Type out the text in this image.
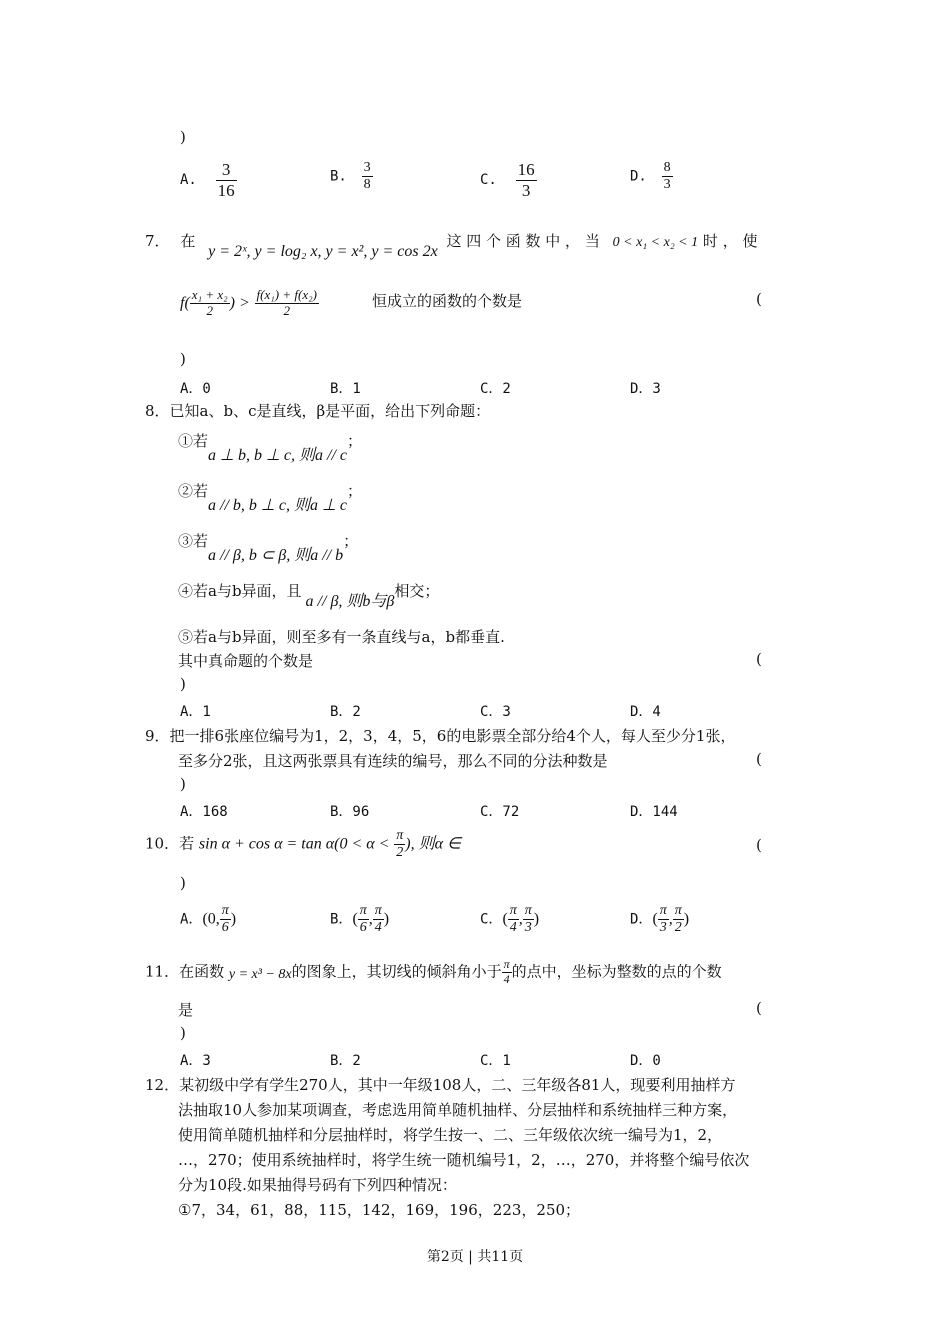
)
A. $\frac{3}{16}$	B. $\frac{3}{8}$	C. $\frac{16}{3}$	D. $\frac{8}{3}$
7． 在 y = 2ˣ, y = log₂ x, y = x², y = cos 2x 这 四 个 函 数 中 ， 当 0 < x₁ < x₂ < 1 时 ， 使
$f( \frac{\text{x₁ + x₂}}{2}$ ) > $\frac{\text{f(x₁) + f(x₂)}}{2}$	恒成立的函数的个数是	(
)
A．0	B．1	C．2	D．3
8．已知a、b、c是直线，β是平面，给出下列命题：
①若a ⊥ b, b ⊥ c, 则a // c；
②若a // b, b ⊥ c, 则a ⊥ c；
③若a // β, b ⊂ β, 则a // b；
④若a与b异面，且a // β, 则b与β相交；
⑤若a与b异面，则至多有一条直线与a，b都垂直.
其中真命题的个数是	(
)
A．1	B．2	C．3	D．4
9．把一排6张座位编号为1，2，3，4，5，6的电影票全部分给4个人，每人至少分1张，
至多分2张，且这两张票具有连续的编号，那么不同的分法种数是	(
)
A．168	B．96	C．72	D．144
10．若 $\sin \alpha + \cos \alpha = \tan \alpha(0 < \alpha < \frac{\pi}{2}$ ), 则α ∈	(
)
A．(0, $\frac{\pi}{6}$ )	B．( $\frac{\pi}{6}$ , $\frac{\pi}{4}$ )	C．( $\frac{\pi}{4}$ , $\frac{\pi}{3}$ )	D．( $\frac{\pi}{3}$ , $\frac{\pi}{2}$ )
11．在函数 y = x³ − 8x的图象上，其切线的倾斜角小于 $\frac{\pi}{4}$ 的点中，坐标为整数的点的个数
是	(
)
A．3	B．2	C．1	D．0
12．某初级中学有学生270人，其中一年级108人，二、三年级各81人，现要利用抽样方
法抽取10人参加某项调查，考虑选用简单随机抽样、分层抽样和系统抽样三种方案，
使用简单随机抽样和分层抽样时，将学生按一、二、三年级依次统一编号为1，2，
…，270；使用系统抽样时，将学生统一随机编号1，2，…，270，并将整个编号依次
分为10段.如果抽得号码有下列四种情况：
①7，34，61，88，115，142，169，196，223，250；
第2页 | 共11页
